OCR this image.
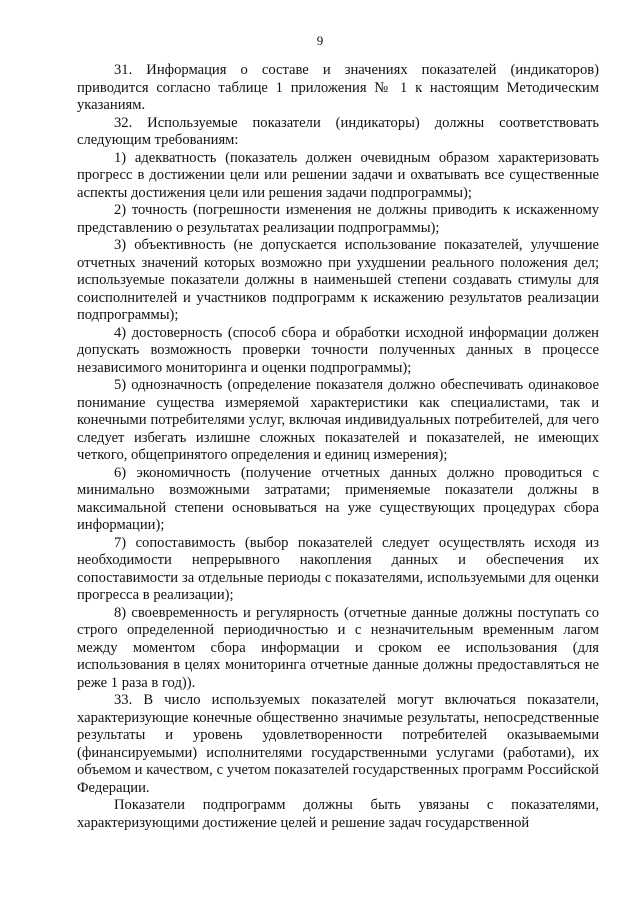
9

31. Информация о составе и значениях показателей (индикаторов) приводится согласно таблице 1 приложения № 1 к настоящим Методическим указаниям.

32. Используемые показатели (индикаторы) должны соответствовать следующим требованиям:

1) адекватность (показатель должен очевидным образом характеризовать прогресс в достижении цели или решении задачи и охватывать все существенные аспекты достижения цели или решения задачи подпрограммы);

2) точность (погрешности изменения не должны приводить к искаженному представлению о результатах реализации подпрограммы);

3) объективность (не допускается использование показателей, улучшение отчетных значений которых возможно при ухудшении реального положения дел; используемые показатели должны в наименьшей степени создавать стимулы для соисполнителей и участников подпрограмм к искажению результатов реализации подпрограммы);

4) достоверность (способ сбора и обработки исходной информации должен допускать возможность проверки точности полученных данных в процессе независимого мониторинга и оценки подпрограммы);

5) однозначность (определение показателя должно обеспечивать одинаковое понимание существа измеряемой характеристики как специалистами, так и конечными потребителями услуг, включая индивидуальных потребителей, для чего следует избегать излишне сложных показателей и показателей, не имеющих четкого, общепринятого определения и единиц измерения);

6) экономичность (получение отчетных данных должно проводиться с минимально возможными затратами; применяемые показатели должны в максимальной степени основываться на уже существующих процедурах сбора информации);

7) сопоставимость (выбор показателей следует осуществлять исходя из необходимости непрерывного накопления данных и обеспечения их сопоставимости за отдельные периоды с показателями, используемыми для оценки прогресса в реализации);

8) своевременность и регулярность (отчетные данные должны поступать со строго определенной периодичностью и с незначительным временным лагом между моментом сбора информации и сроком ее использования (для использования в целях мониторинга отчетные данные должны предоставляться не реже 1 раза в год)).

33. В число используемых показателей могут включаться показатели, характеризующие конечные общественно значимые результаты, непосредственные результаты и уровень удовлетворенности потребителей оказываемыми (финансируемыми) исполнителями государственными услугами (работами), их объемом и качеством, с учетом показателей государственных программ Российской Федерации.

Показатели подпрограмм должны быть увязаны с показателями, характеризующими достижение целей и решение задач государственной
